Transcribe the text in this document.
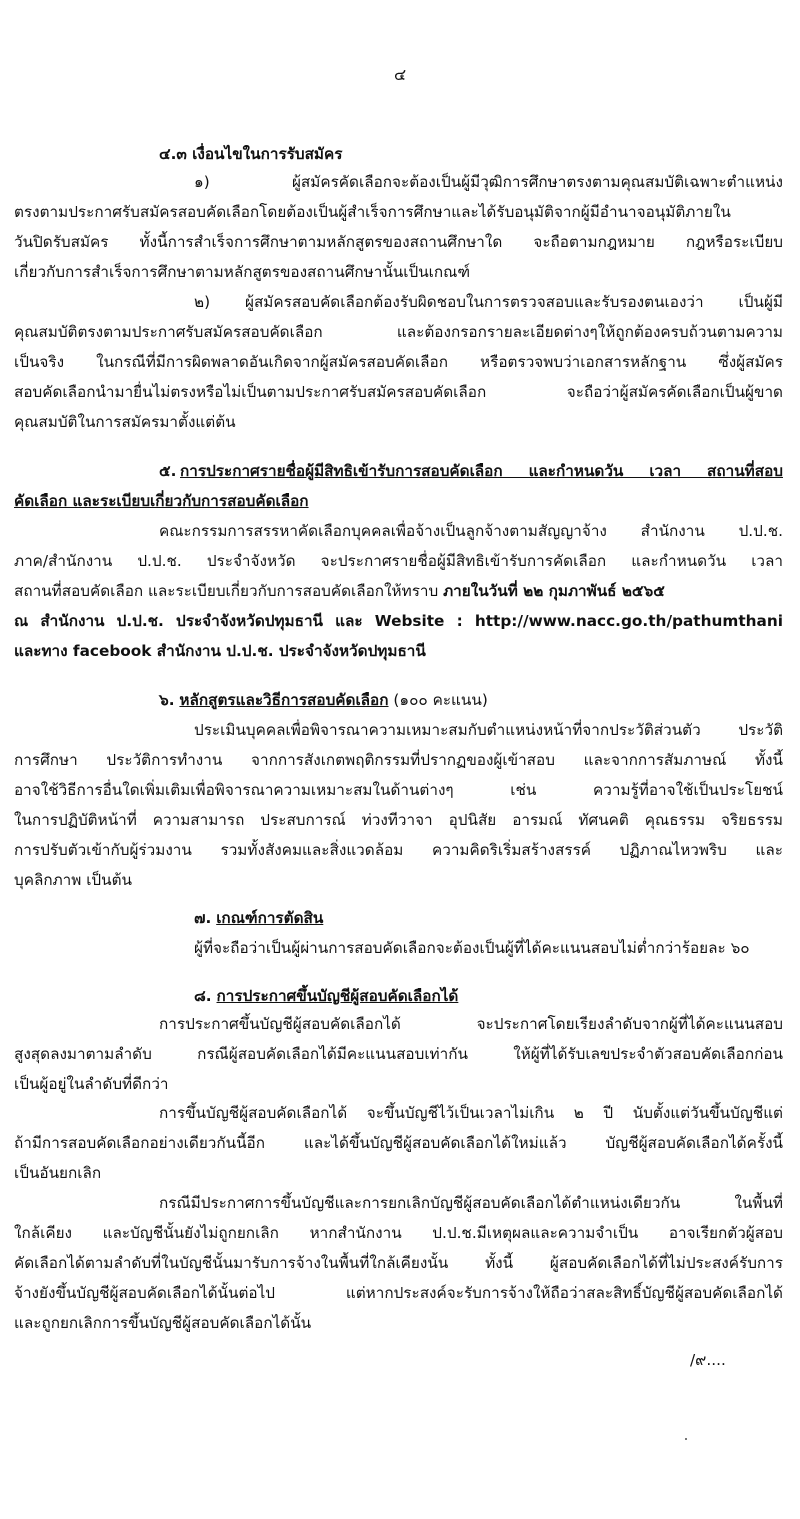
๔
๔.๓ เงื่อนไขในการรับสมัคร
๑) ผู้สมัครคัดเลือกจะต้องเป็นผู้มีวุฒิการศึกษาตรงตามคุณสมบัติเฉพาะตำแหน่ง
ตรงตามประกาศรับสมัครสอบคัดเลือกโดยต้องเป็นผู้สำเร็จการศึกษาและได้รับอนุมัติจากผู้มีอำนาจอนุมัติภายใน
วันปิดรับสมัคร ทั้งนี้การสำเร็จการศึกษาตามหลักสูตรของสถานศึกษาใด จะถือตามกฎหมาย กฎหรือระเบียบ
เกี่ยวกับการสำเร็จการศึกษาตามหลักสูตรของสถานศึกษานั้นเป็นเกณฑ์
๒) ผู้สมัครสอบคัดเลือกต้องรับผิดชอบในการตรวจสอบและรับรองตนเองว่า เป็นผู้มี
คุณสมบัติตรงตามประกาศรับสมัครสอบคัดเลือก และต้องกรอกรายละเอียดต่างๆให้ถูกต้องครบถ้วนตามความ
เป็นจริง ในกรณีที่มีการผิดพลาดอันเกิดจากผู้สมัครสอบคัดเลือก หรือตรวจพบว่าเอกสารหลักฐาน ซึ่งผู้สมัคร
สอบคัดเลือกนำมายื่นไม่ตรงหรือไม่เป็นตามประกาศรับสมัครสอบคัดเลือก จะถือว่าผู้สมัครคัดเลือกเป็นผู้ขาด
คุณสมบัติในการสมัครมาตั้งแต่ต้น
๕. การประกาศรายชื่อผู้มีสิทธิเข้ารับการสอบคัดเลือก และกำหนดวัน เวลา สถานที่สอบ
คัดเลือก และระเบียบเกี่ยวกับการสอบคัดเลือก
คณะกรรมการสรรหาคัดเลือกบุคคลเพื่อจ้างเป็นลูกจ้างตามสัญญาจ้าง สำนักงาน ป.ป.ช.
ภาค/สำนักงาน ป.ป.ช. ประจำจังหวัด จะประกาศรายชื่อผู้มีสิทธิเข้ารับการคัดเลือก และกำหนดวัน เวลา
สถานที่สอบคัดเลือก และระเบียบเกี่ยวกับการสอบคัดเลือกให้ทราบ ภายในวันที่ ๒๒ กุมภาพันธ์ ๒๕๖๕
ณ สำนักงาน ป.ป.ช. ประจำจังหวัดปทุมธานี และ Website : http://www.nacc.go.th/pathumthani
และทาง facebook สำนักงาน ป.ป.ช. ประจำจังหวัดปทุมธานี
๖. หลักสูตรและวิธีการสอบคัดเลือก (๑๐๐ คะแนน)
ประเมินบุคคลเพื่อพิจารณาความเหมาะสมกับตำแหน่งหน้าที่จากประวัติส่วนตัว ประวัติ
การศึกษา ประวัติการทำงาน จากการสังเกตพฤติกรรมที่ปรากฏของผู้เข้าสอบ และจากการสัมภาษณ์ ทั้งนี้
อาจใช้วิธีการอื่นใดเพิ่มเติมเพื่อพิจารณาความเหมาะสมในด้านต่างๆ เช่น ความรู้ที่อาจใช้เป็นประโยชน์
ในการปฏิบัติหน้าที่ ความสามารถ ประสบการณ์ ท่วงทีวาจา อุปนิสัย อารมณ์ ทัศนคติ คุณธรรม จริยธรรม
การปรับตัวเข้ากับผู้ร่วมงาน รวมทั้งสังคมและสิ่งแวดล้อม ความคิดริเริ่มสร้างสรรค์ ปฏิภาณไหวพริบ และ
บุคลิกภาพ เป็นต้น
๗. เกณฑ์การตัดสิน
ผู้ที่จะถือว่าเป็นผู้ผ่านการสอบคัดเลือกจะต้องเป็นผู้ที่ได้คะแนนสอบไม่ต่ำกว่าร้อยละ ๖๐
๘. การประกาศขึ้นบัญชีผู้สอบคัดเลือกได้
การประกาศขึ้นบัญชีผู้สอบคัดเลือกได้ จะประกาศโดยเรียงลำดับจากผู้ที่ได้คะแนนสอบ
สูงสุดลงมาตามลำดับ กรณีผู้สอบคัดเลือกได้มีคะแนนสอบเท่ากัน ให้ผู้ที่ได้รับเลขประจำตัวสอบคัดเลือกก่อน
เป็นผู้อยู่ในลำดับที่ดีกว่า
การขึ้นบัญชีผู้สอบคัดเลือกได้ จะขึ้นบัญชีไว้เป็นเวลาไม่เกิน ๒ ปี นับตั้งแต่วันขึ้นบัญชีแต่
ถ้ามีการสอบคัดเลือกอย่างเดียวกันนี้อีก และได้ขึ้นบัญชีผู้สอบคัดเลือกได้ใหม่แล้ว บัญชีผู้สอบคัดเลือกได้ครั้งนี้
เป็นอันยกเลิก
กรณีมีประกาศการขึ้นบัญชีและการยกเลิกบัญชีผู้สอบคัดเลือกได้ตำแหน่งเดียวกัน ในพื้นที่
ใกล้เคียง และบัญชีนั้นยังไม่ถูกยกเลิก หากสำนักงาน ป.ป.ช.มีเหตุผลและความจำเป็น อาจเรียกตัวผู้สอบ
คัดเลือกได้ตามลำดับที่ในบัญชีนั้นมารับการจ้างในพื้นที่ใกล้เคียงนั้น ทั้งนี้ ผู้สอบคัดเลือกได้ที่ไม่ประสงค์รับการ
จ้างยังขึ้นบัญชีผู้สอบคัดเลือกได้นั้นต่อไป แต่หากประสงค์จะรับการจ้างให้ถือว่าสละสิทธิ์บัญชีผู้สอบคัดเลือกได้
และถูกยกเลิกการขึ้นบัญชีผู้สอบคัดเลือกได้นั้น
/๙....
